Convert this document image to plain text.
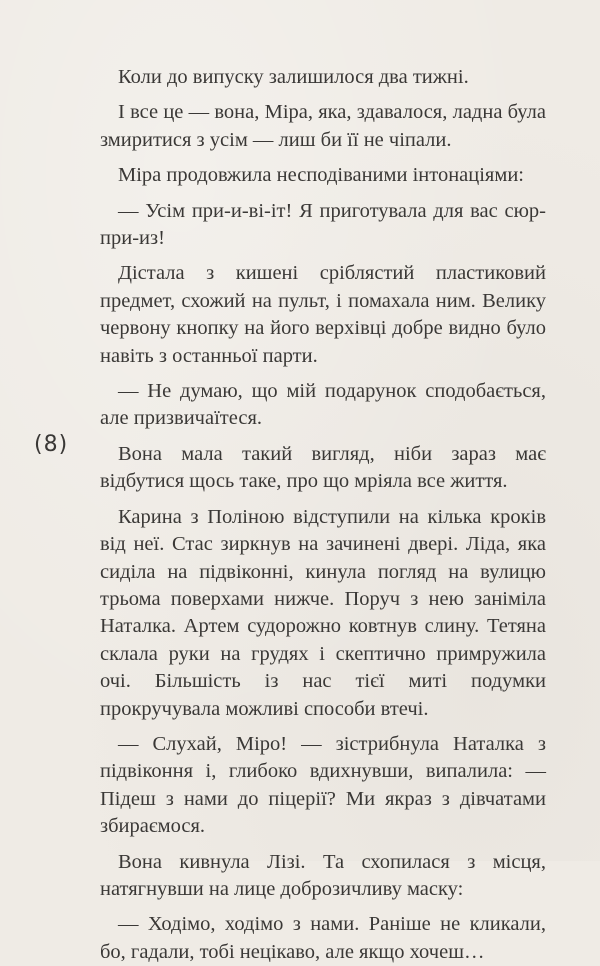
Коли до випуску залишилося два тижні.

І все це — вона, Міра, яка, здавалося, ладна була змиритися з усім — лиш би її не чіпали.

Міра продовжила несподіваними інтонаціями:

— Усім при-и-ві-іт! Я приготувала для вас сюр-при-из!

Дістала з кишені сріблястий пластиковий предмет, схожий на пульт, і помахала ним. Велику червону кнопку на його верхівці добре видно було навіть з останньої парти.

— Не думаю, що мій подарунок сподобається, але призвичаїтеся.

Вона мала такий вигляд, ніби зараз має відбутися щось таке, про що мріяла все життя.

Карина з Поліною відступили на кілька кроків від неї. Стас зиркнув на зачинені двері. Ліда, яка сиділа на підвіконні, кинула погляд на вулицю трьома поверхами нижче. Поруч з нею заніміла Наталка. Артем судорожно ковтнув слину. Тетяна склала руки на грудях і скептично примружила очі. Більшість із нас тієї миті подумки прокручувала можливі способи втечі.

— Слухай, Міро! — зістрибнула Наталка з підвіконня і, глибоко вдихнувши, випалила: — Підеш з нами до піцерії? Ми якраз з дівчатами збираємося.

Вона кивнула Лізі. Та схопилася з місця, натягнувши на лице доброзичливу маску:

— Ходімо, ходімо з нами. Раніше не кликали, бо, гадали, тобі нецікаво, але якщо хочеш…

(8)
